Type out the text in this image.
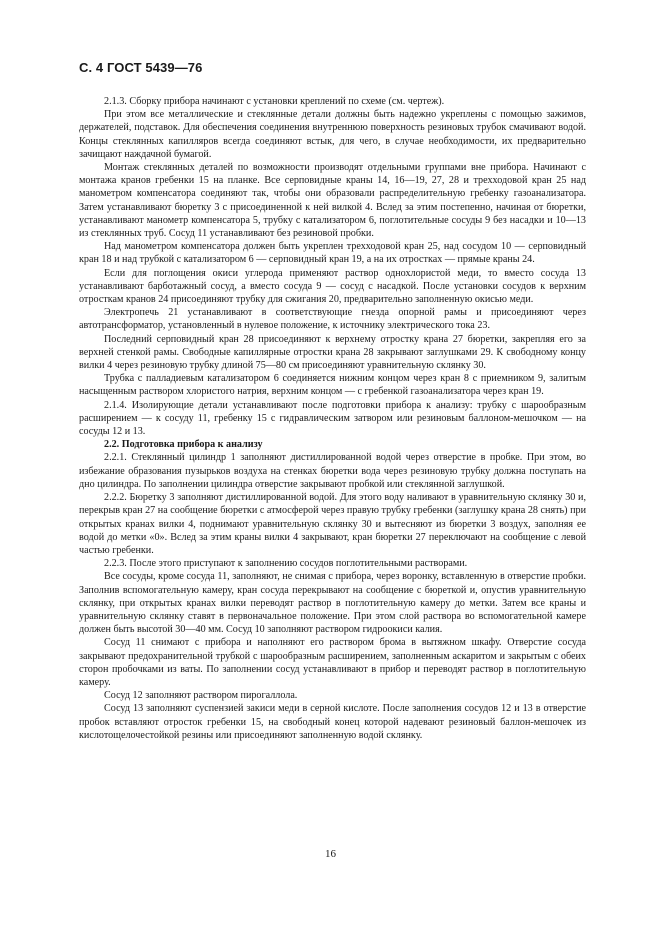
С. 4 ГОСТ 5439—76

2.1.3. Сборку прибора начинают с установки креплений по схеме (см. чертеж).

При этом все металлические и стеклянные детали должны быть надежно укреплены с помощью зажимов, держателей, подставок. Для обеспечения соединения внутреннюю поверхность резиновых трубок смачивают водой. Концы стеклянных капилляров всегда соединяют встык, для чего, в случае необходимости, их предварительно зачищают наждачной бумагой.

Монтаж стеклянных деталей по возможности производят отдельными группами вне прибора. Начинают с монтажа кранов гребенки 15 на планке. Все серповидные краны 14, 16—19, 27, 28 и трехходовой кран 25 над манометром компенсатора соединяют так, чтобы они образовали распределительную гребенку газоанализатора. Затем устанавливают бюретку 3 с присоединенной к ней вилкой 4. Вслед за этим постепенно, начиная от бюретки, устанавливают манометр компенсатора 5, трубку с катализатором 6, поглотительные сосуды 9 без насадки и 10—13 из стеклянных труб. Сосуд 11 устанавливают без резиновой пробки.

Над манометром компенсатора должен быть укреплен трехходовой кран 25, над сосудом 10 — серповидный кран 18 и над трубкой с катализатором 6 — серповидный кран 19, а на их отростках — прямые краны 24.

Если для поглощения окиси углерода применяют раствор однохлористой меди, то вместо сосуда 13 устанавливают барботажный сосуд, а вместо сосуда 9 — сосуд с насадкой. После установки сосудов к верхним отросткам кранов 24 присоединяют трубку для сжигания 20, предварительно заполненную окисью меди.

Электропечь 21 устанавливают в соответствующие гнезда опорной рамы и присоединяют через автотрансформатор, установленный в нулевое положение, к источнику электрического тока 23.

Последний серповидный кран 28 присоединяют к верхнему отростку крана 27 бюретки, закрепляя его за верхней стенкой рамы. Свободные капиллярные отростки крана 28 закрывают заглушками 29. К свободному концу вилки 4 через резиновую трубку длиной 75—80 см присоединяют уравнительную склянку 30.

Трубка с палладиевым катализатором 6 соединяется нижним концом через кран 8 с приемником 9, залитым насыщенным раствором хлористого натрия, верхним концом — с гребенкой газоанализатора через кран 19.

2.1.4. Изолирующие детали устанавливают после подготовки прибора к анализу: трубку с шарообразным расширением — к сосуду 11, гребенку 15 с гидравлическим затвором или резиновым баллоном-мешочком — на сосуды 12 и 13.

2.2. Подготовка прибора к анализу

2.2.1. Стеклянный цилиндр 1 заполняют дистиллированной водой через отверстие в пробке. При этом, во избежание образования пузырьков воздуха на стенках бюретки вода через резиновую трубку должна поступать на дно цилиндра. По заполнении цилиндра отверстие закрывают пробкой или стеклянной заглушкой.

2.2.2. Бюретку 3 заполняют дистиллированной водой. Для этого воду наливают в уравнительную склянку 30 и, перекрыв кран 27 на сообщение бюретки с атмосферой через правую трубку гребенки (заглушку крана 28 снять) при открытых кранах вилки 4, поднимают уравнительную склянку 30 и вытесняют из бюретки 3 воздух, заполняя ее водой до метки «0». Вслед за этим краны вилки 4 закрывают, кран бюретки 27 переключают на сообщение с левой частью гребенки.

2.2.3. После этого приступают к заполнению сосудов поглотительными растворами.

Все сосуды, кроме сосуда 11, заполняют, не снимая с прибора, через воронку, вставленную в отверстие пробки. Заполнив вспомогательную камеру, кран сосуда перекрывают на сообщение с бюреткой и, опустив уравнительную склянку, при открытых кранах вилки переводят раствор в поглотительную камеру до метки. Затем все краны и уравнительную склянку ставят в первоначальное положение. При этом слой раствора во вспомогательной камере должен быть высотой 30—40 мм. Сосуд 10 заполняют раствором гидроокиси калия.

Сосуд 11 снимают с прибора и наполняют его раствором брома в вытяжном шкафу. Отверстие сосуда закрывают предохранительной трубкой с шарообразным расширением, заполненным аскаритом и закрытым с обеих сторон пробочками из ваты. По заполнении сосуд устанавливают в прибор и переводят раствор в поглотительную камеру.

Сосуд 12 заполняют раствором пирогаллола.

Сосуд 13 заполняют суспензией закиси меди в серной кислоте. После заполнения сосудов 12 и 13 в отверстие пробок вставляют отросток гребенки 15, на свободный конец которой надевают резиновый баллон-мешочек из кислотощелочестойкой резины или присоединяют заполненную водой склянку.

16
